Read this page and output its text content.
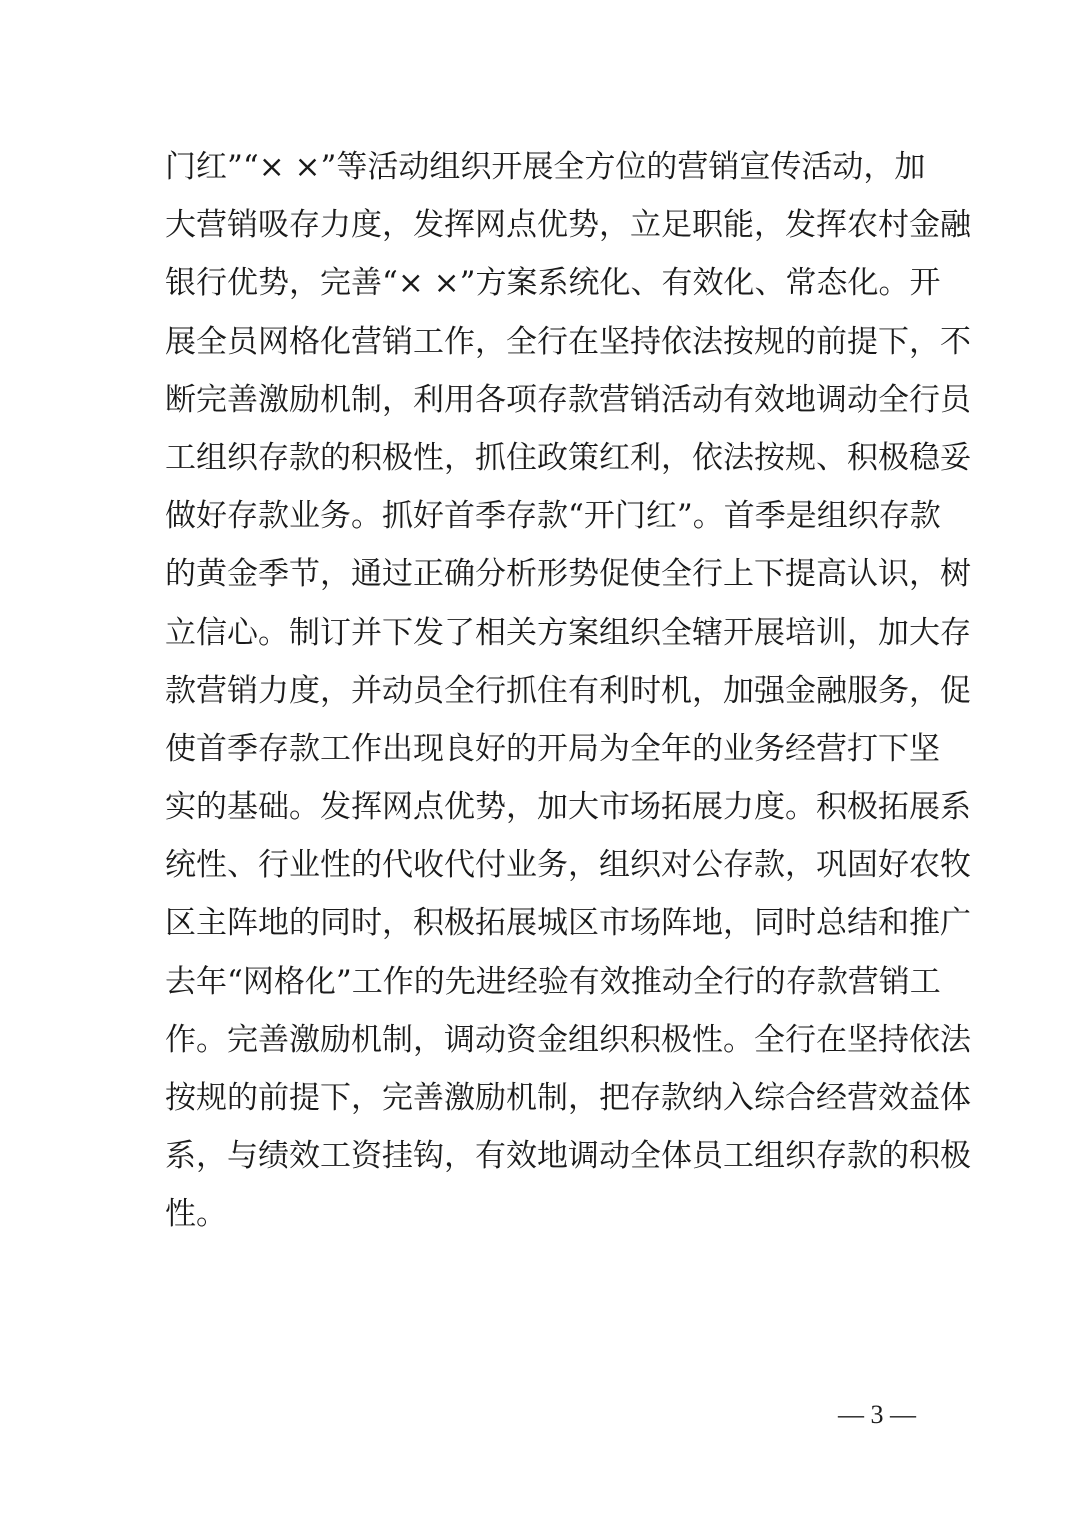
门红”“× ×”等活动组织开展全方位的营销宣传活动，加
大营销吸存力度，发挥网点优势，立足职能，发挥农村金融
银行优势，完善“× ×”方案系统化、有效化、常态化。开
展全员网格化营销工作，全行在坚持依法按规的前提下，不
断完善激励机制，利用各项存款营销活动有效地调动全行员
工组织存款的积极性，抓住政策红利，依法按规、积极稳妥
做好存款业务。抓好首季存款“开门红”。首季是组织存款
的黄金季节，通过正确分析形势促使全行上下提高认识，树
立信心。制订并下发了相关方案组织全辖开展培训，加大存
款营销力度，并动员全行抓住有利时机，加强金融服务，促
使首季存款工作出现良好的开局为全年的业务经营打下坚
实的基础。发挥网点优势，加大市场拓展力度。积极拓展系
统性、行业性的代收代付业务，组织对公存款，巩固好农牧
区主阵地的同时，积极拓展城区市场阵地，同时总结和推广
去年“网格化”工作的先进经验有效推动全行的存款营销工
作。完善激励机制，调动资金组织积极性。全行在坚持依法
按规的前提下，完善激励机制，把存款纳入综合经营效益体
系，与绩效工资挂钩，有效地调动全体员工组织存款的积极
性。
— 3 —
